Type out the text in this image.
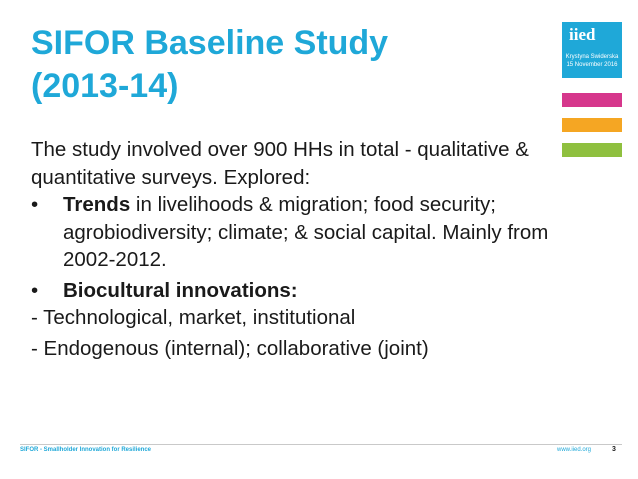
SIFOR Baseline Study
(2013-14)
iied
Krystyna Swiderska
15 November 2016

The study involved over 900 HHs in total - qualitative & quantitative surveys. Explored:

•	Trends in livelihoods & migration; food security; agrobiodiversity; climate; & social capital. Mainly from 2002-2012.
•	Biocultural innovations:

- Technological, market, institutional

- Endogenous (internal); collaborative (joint)

SIFOR - Smallholder Innovation for Resilience	www.iied.org	3
